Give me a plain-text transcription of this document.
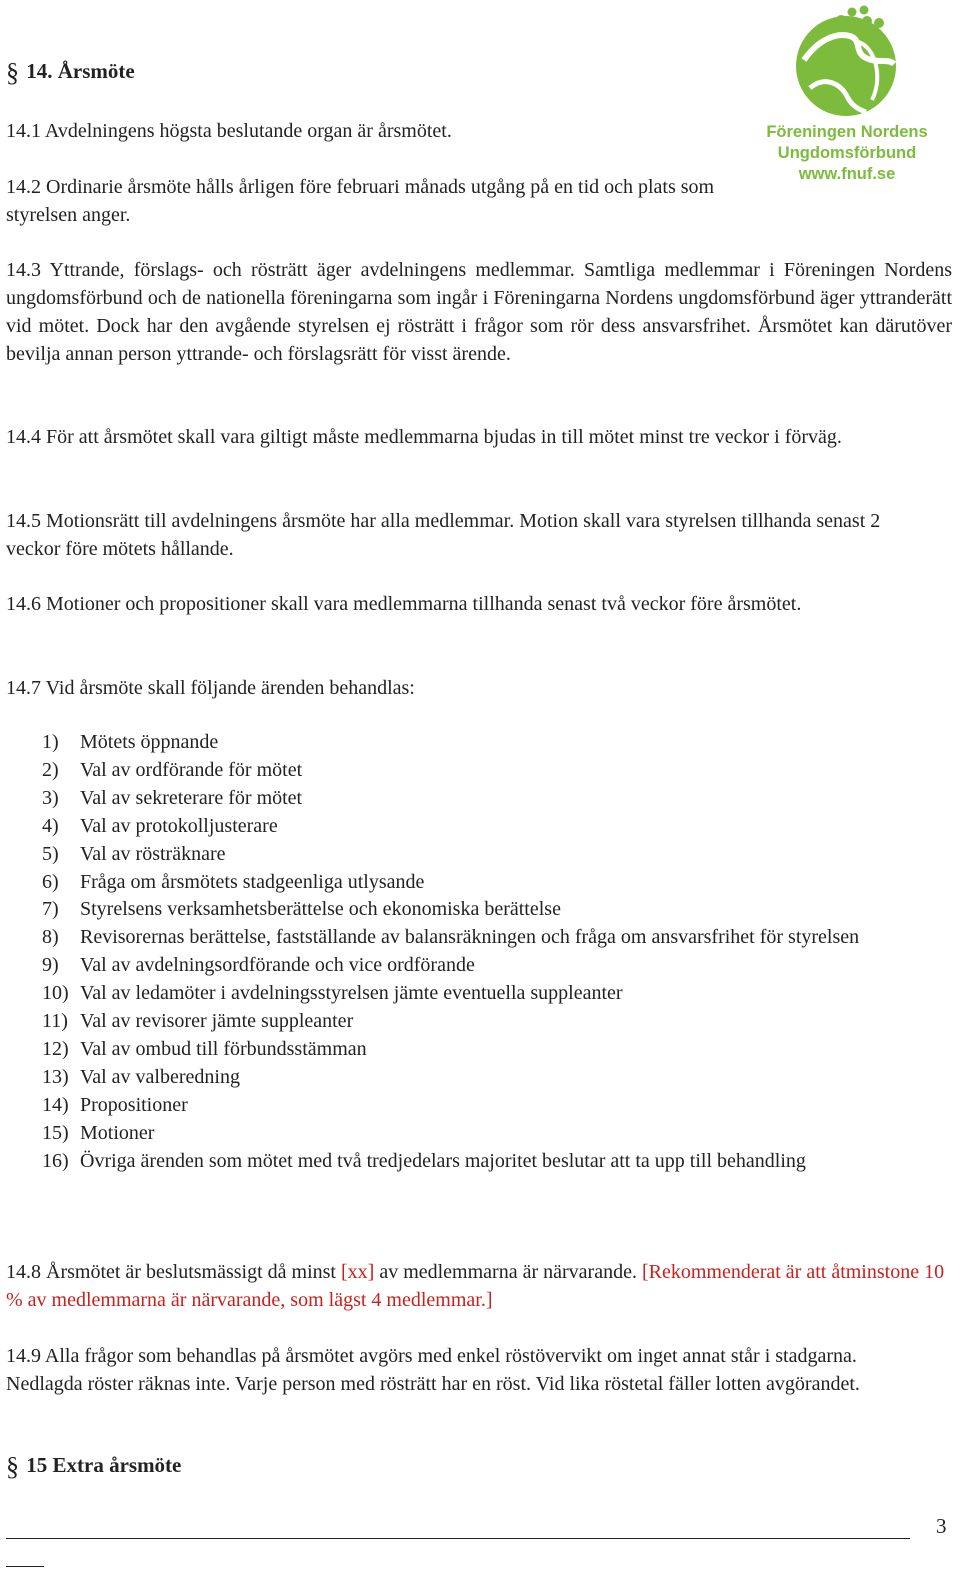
Föreningen Nordens
Ungdomsförbund
www.fnuf.se
§ 14. Årsmöte
14.1 Avdelningens högsta beslutande organ är årsmötet.
14.2 Ordinarie årsmöte hålls årligen före februari månads utgång på en tid och plats som styrelsen anger.
14.3 Yttrande, förslags- och rösträtt äger avdelningens medlemmar. Samtliga medlemmar i Föreningen Nordens ungdomsförbund och de nationella föreningarna som ingår i Föreningarna Nordens ungdomsförbund äger yttranderätt vid mötet. Dock har den avgående styrelsen ej rösträtt i frågor som rör dess ansvarsfrihet. Årsmötet kan därutöver bevilja annan person yttrande- och förslagsrätt för visst ärende.
14.4 För att årsmötet skall vara giltigt måste medlemmarna bjudas in till mötet minst tre veckor i förväg.
14.5 Motionsrätt till avdelningens årsmöte har alla medlemmar. Motion skall vara styrelsen tillhanda senast 2 veckor före mötets hållande.
14.6 Motioner och propositioner skall vara medlemmarna tillhanda senast två veckor före årsmötet.
14.7 Vid årsmöte skall följande ärenden behandlas:
1) Mötets öppnande
2) Val av ordförande för mötet
3) Val av sekreterare för mötet
4) Val av protokolljusterare
5) Val av rösträknare
6) Fråga om årsmötets stadgeenliga utlysande
7) Styrelsens verksamhetsberättelse och ekonomiska berättelse
8) Revisorernas berättelse, fastställande av balansräkningen och fråga om ansvarsfrihet för styrelsen
9) Val av avdelningsordförande och vice ordförande
10) Val av ledamöter i avdelningsstyrelsen jämte eventuella suppleanter
11) Val av revisorer jämte suppleanter
12) Val av ombud till förbundsstämman
13) Val av valberedning
14) Propositioner
15) Motioner
16) Övriga ärenden som mötet med två tredjedelars majoritet beslutar att ta upp till behandling
14.8 Årsmötet är beslutsmässigt då minst [xx] av medlemmarna är närvarande. [Rekommenderat är att åtminstone 10 % av medlemmarna är närvarande, som lägst 4 medlemmar.]
14.9 Alla frågor som behandlas på årsmötet avgörs med enkel röstövervikt om inget annat står i stadgarna. Nedlagda röster räknas inte. Varje person med rösträtt har en röst. Vid lika röstetal fäller lotten avgörandet.
§ 15 Extra årsmöte
3
